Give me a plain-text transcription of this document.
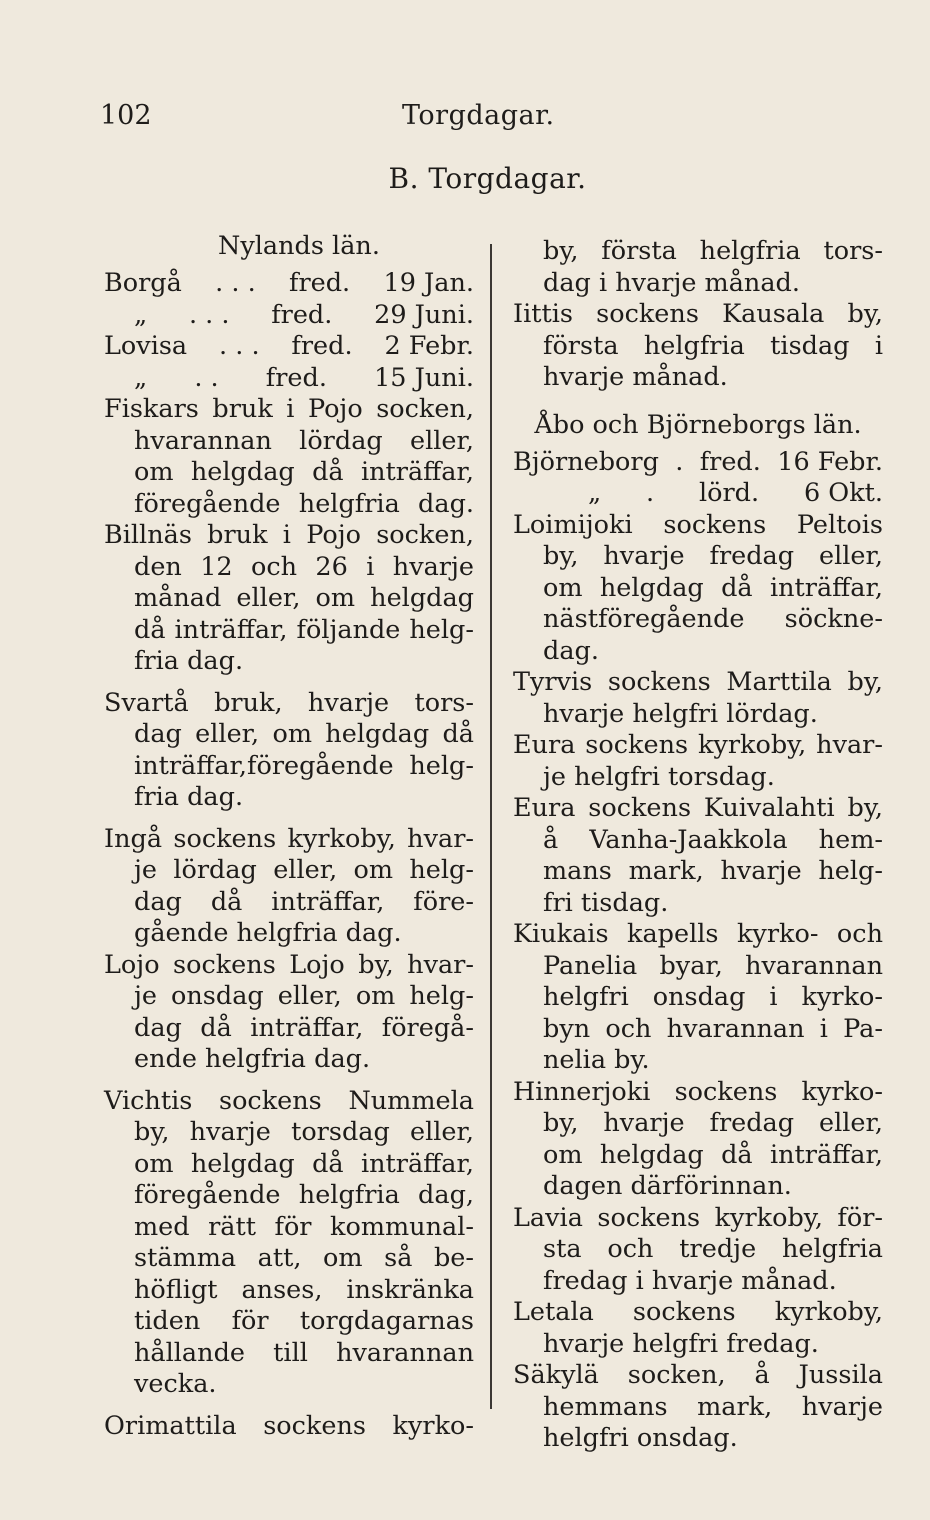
102	Torgdagar.
B. Torgdagar.
Nylands län.
Borgå . . . fred. 19 Jan.
„ . . . fred. 29 Juni.
Lovisa . . . fred. 2 Febr.
„ . . fred. 15 Juni.
Fiskars bruk i Pojo socken,
hvarannan lördag eller,
om helgdag då inträffar,
föregående helgfria dag.
Billnäs bruk i Pojo socken,
den 12 och 26 i hvarje
månad eller, om helgdag
då inträffar, följande helg-
fria dag.
Svartå bruk, hvarje tors-
dag eller, om helgdag då
inträffar,föregående helg-
fria dag.
Ingå sockens kyrkoby, hvar-
je lördag eller, om helg-
dag då inträffar, före-
gående helgfria dag.
Lojo sockens Lojo by, hvar-
je onsdag eller, om helg-
dag då inträffar, föregå-
ende helgfria dag.
Vichtis sockens Nummela
by, hvarje torsdag eller,
om helgdag då inträffar,
föregående helgfria dag,
med rätt för kommunal-
stämma att, om så be-
höfligt anses, inskränka
tiden för torgdagarnas
hållande till hvarannan
vecka.
Orimattila sockens kyrko-
by, första helgfria tors-
dag i hvarje månad.
Iittis sockens Kausala by,
första helgfria tisdag i
hvarje månad.
Åbo och Björneborgs län.
Björneborg . fred. 16 Febr.
„ . lörd. 6 Okt.
Loimijoki sockens Peltois
by, hvarje fredag eller,
om helgdag då inträffar,
nästföregående söckne-
dag.
Tyrvis sockens Marttila by,
hvarje helgfri lördag.
Eura sockens kyrkoby, hvar-
je helgfri torsdag.
Eura sockens Kuivalahti by,
å Vanha-Jaakkola hem-
mans mark, hvarje helg-
fri tisdag.
Kiukais kapells kyrko- och
Panelia byar, hvarannan
helgfri onsdag i kyrko-
byn och hvarannan i Pa-
nelia by.
Hinnerjoki sockens kyrko-
by, hvarje fredag eller,
om helgdag då inträffar,
dagen därförinnan.
Lavia sockens kyrkoby, för-
sta och tredje helgfria
fredag i hvarje månad.
Letala sockens kyrkoby,
hvarje helgfri fredag.
Säkylä socken, å Jussila
hemmans mark, hvarje
helgfri onsdag.
